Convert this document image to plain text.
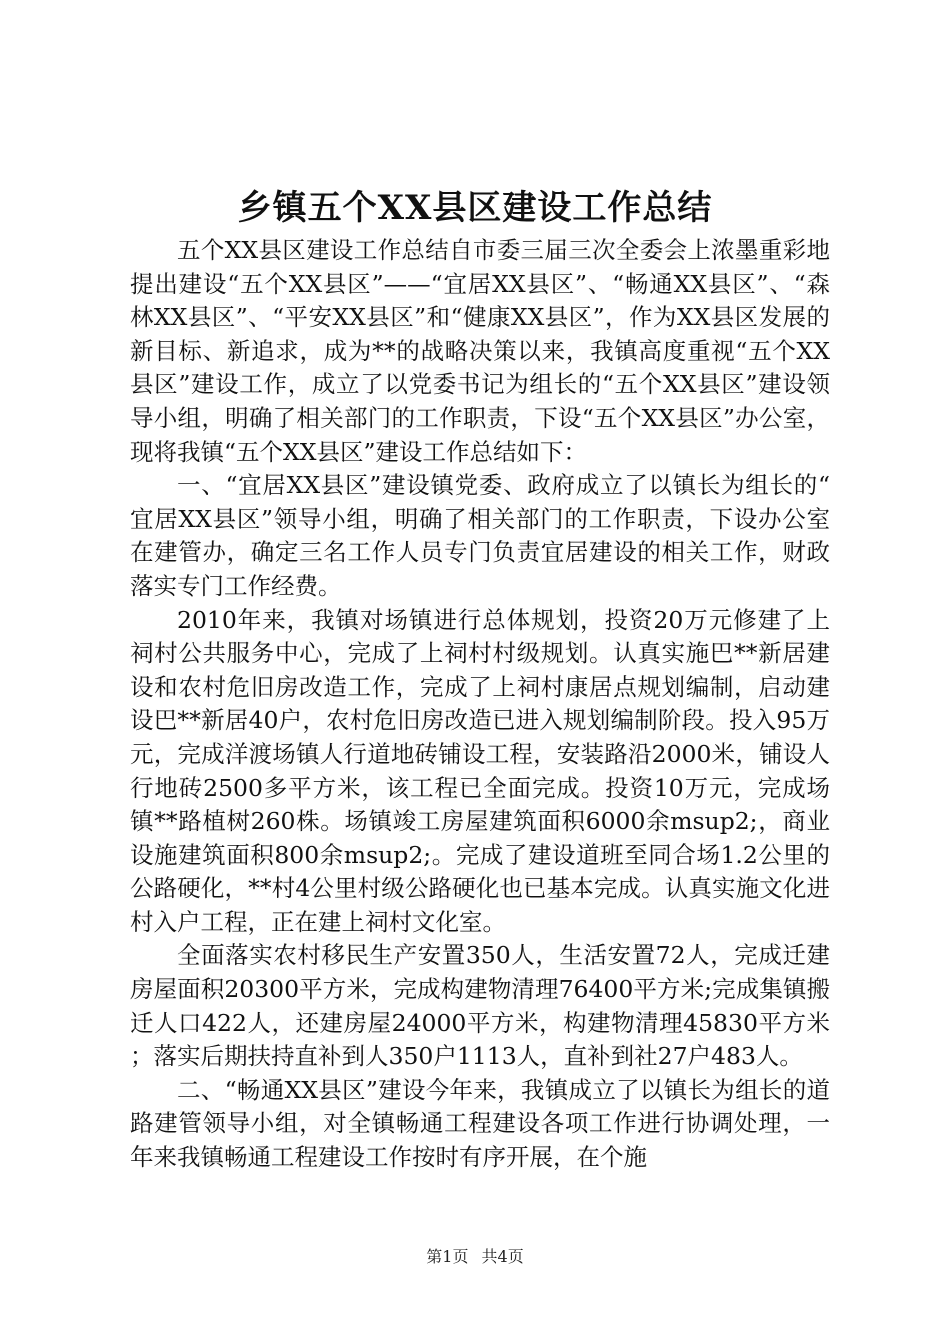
乡镇五个XX县区建设工作总结

五个XX县区建设工作总结自市委三届三次全委会上浓墨重彩地提出建设“五个XX县区”——“宜居XX县区”、“畅通XX县区”、“森林XX县区”、“平安XX县区”和“健康XX县区”，作为XX县区发展的新目标、新追求，成为**的战略决策以来，我镇高度重视“五个XX县区”建设工作，成立了以党委书记为组长的“五个XX县区”建设领导小组，明确了相关部门的工作职责，下设“五个XX县区”办公室，现将我镇“五个XX县区”建设工作总结如下：

一、“宜居XX县区”建设镇党委、政府成立了以镇长为组长的“宜居XX县区”领导小组，明确了相关部门的工作职责，下设办公室在建管办，确定三名工作人员专门负责宜居建设的相关工作，财政落实专门工作经费。

2010年来，我镇对场镇进行总体规划，投资20万元修建了上祠村公共服务中心，完成了上祠村村级规划。认真实施巴**新居建设和农村危旧房改造工作，完成了上祠村康居点规划编制，启动建设巴**新居40户，农村危旧房改造已进入规划编制阶段。投入95万元，完成洋渡场镇人行道地砖铺设工程，安装路沿2000米，铺设人行地砖2500多平方米，该工程已全面完成。投资10万元，完成场镇**路植树260株。场镇竣工房屋建筑面积6000余msup2;，商业设施建筑面积800余msup2;。完成了建设道班至同合场1.2公里的公路硬化，**村4公里村级公路硬化也已基本完成。认真实施文化进村入户工程，正在建上祠村文化室。

全面落实农村移民生产安置350人，生活安置72人，完成迁建房屋面积20300平方米，完成构建物清理76400平方米;完成集镇搬迁人口422人，还建房屋24000平方米，构建物清理45830平方米；落实后期扶持直补到人350户1113人，直补到社27户483人。

二、“畅通XX县区”建设今年来，我镇成立了以镇长为组长的道路建管领导小组，对全镇畅通工程建设各项工作进行协调处理，一年来我镇畅通工程建设工作按时有序开展，在个施

第1页 共4页
